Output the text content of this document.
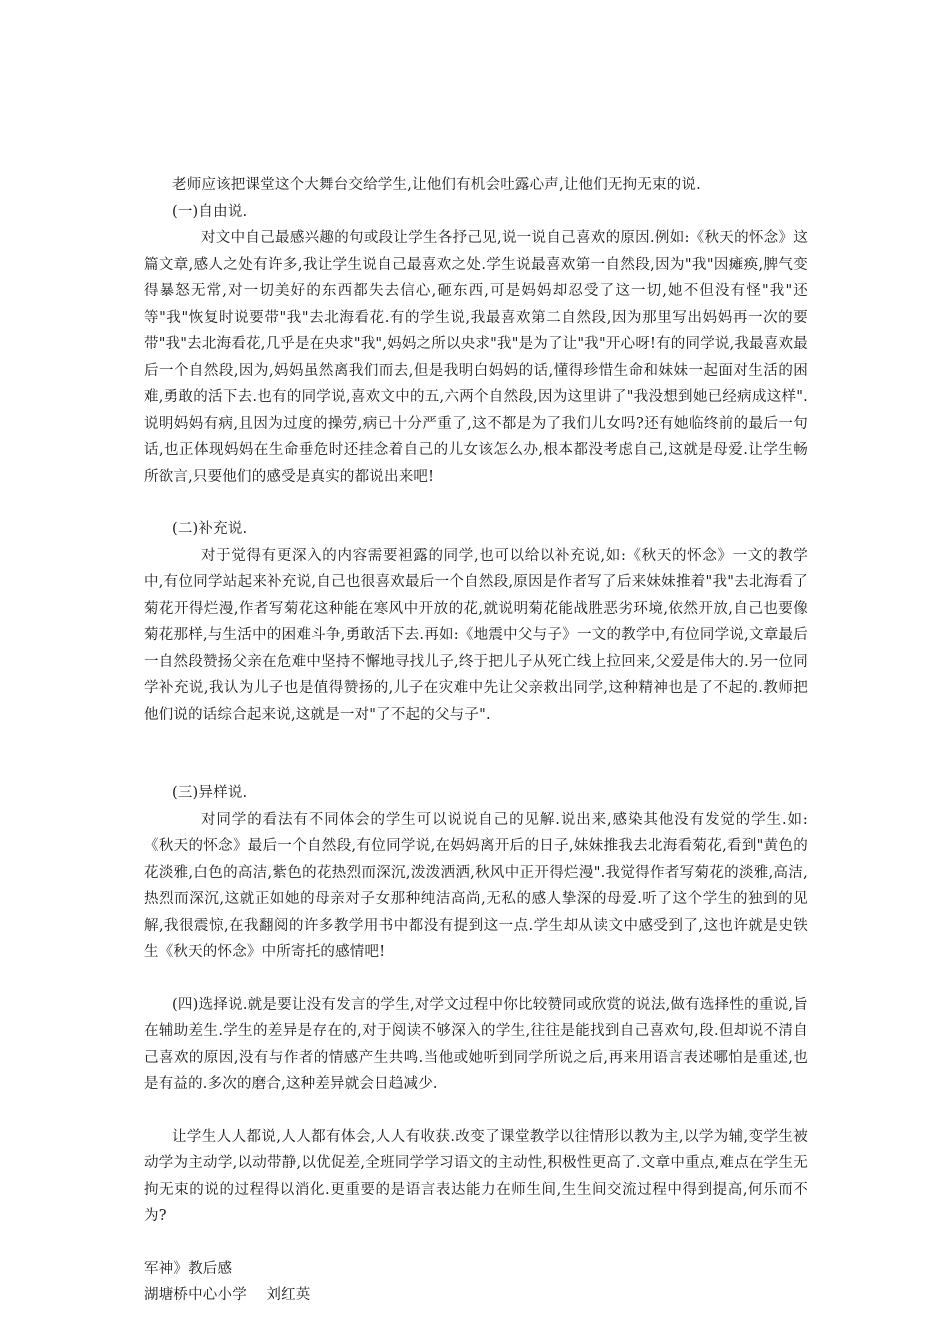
老师应该把课堂这个大舞台交给学生,让他们有机会吐露心声,让他们无拘无束的说.

(一)自由说.

对文中自己最感兴趣的句或段让学生各抒己见,说一说自己喜欢的原因.例如:《秋天的怀念》这篇文章,感人之处有许多,我让学生说自己最喜欢之处.学生说最喜欢第一自然段,因为"我"因瘫痪,脾气变得暴怒无常,对一切美好的东西都失去信心,砸东西,可是妈妈却忍受了这一切,她不但没有怪"我"还等"我"恢复时说要带"我"去北海看花.有的学生说,我最喜欢第二自然段,因为那里写出妈妈再一次的要带"我"去北海看花,几乎是在央求"我",妈妈之所以央求"我"是为了让"我"开心呀!有的同学说,我最喜欢最后一个自然段,因为,妈妈虽然离我们而去,但是我明白妈妈的话,懂得珍惜生命和妹妹一起面对生活的困难,勇敢的活下去.也有的同学说,喜欢文中的五,六两个自然段,因为这里讲了"我没想到她已经病成这样".说明妈妈有病,且因为过度的操劳,病已十分严重了,这不都是为了我们儿女吗?还有她临终前的最后一句话,也正体现妈妈在生命垂危时还挂念着自己的儿女该怎么办,根本都没考虑自己,这就是母爱.让学生畅所欲言,只要他们的感受是真实的都说出来吧!

(二)补充说.

对于觉得有更深入的内容需要袒露的同学,也可以给以补充说,如:《秋天的怀念》一文的教学中,有位同学站起来补充说,自己也很喜欢最后一个自然段,原因是作者写了后来妹妹推着"我"去北海看了菊花开得烂漫,作者写菊花这种能在寒风中开放的花,就说明菊花能战胜恶劣环境,依然开放,自己也要像菊花那样,与生活中的困难斗争,勇敢活下去.再如:《地震中父与子》一文的教学中,有位同学说,文章最后一自然段赞扬父亲在危难中坚持不懈地寻找儿子,终于把儿子从死亡线上拉回来,父爱是伟大的.另一位同学补充说,我认为儿子也是值得赞扬的,儿子在灾难中先让父亲救出同学,这种精神也是了不起的.教师把他们说的话综合起来说,这就是一对"了不起的父与子".

(三)异样说.

对同学的看法有不同体会的学生可以说说自己的见解.说出来,感染其他没有发觉的学生.如:《秋天的怀念》最后一个自然段,有位同学说,在妈妈离开后的日子,妹妹推我去北海看菊花,看到"黄色的花淡雅,白色的高洁,紫色的花热烈而深沉,泼泼洒洒,秋风中正开得烂漫".我觉得作者写菊花的淡雅,高洁,热烈而深沉,这就正如她的母亲对子女那种纯洁高尚,无私的感人挚深的母爱.听了这个学生的独到的见解,我很震惊,在我翻阅的许多教学用书中都没有提到这一点.学生却从读文中感受到了,这也许就是史铁生《秋天的怀念》中所寄托的感情吧!

(四)选择说.就是要让没有发言的学生,对学文过程中你比较赞同或欣赏的说法,做有选择性的重说,旨在辅助差生.学生的差异是存在的,对于阅读不够深入的学生,往往是能找到自己喜欢句,段.但却说不清自己喜欢的原因,没有与作者的情感产生共鸣.当他或她听到同学所说之后,再来用语言表述哪怕是重述,也是有益的.多次的磨合,这种差异就会日趋减少.

让学生人人都说,人人都有体会,人人有收获.改变了课堂教学以往情形以教为主,以学为辅,变学生被动学为主动学,以动带静,以优促差,全班同学学习语文的主动性,积极性更高了.文章中重点,难点在学生无拘无束的说的过程得以消化.更重要的是语言表达能力在师生间,生生间交流过程中得到提高,何乐而不为?

军神》教后感

湖塘桥中心小学　 刘红英
